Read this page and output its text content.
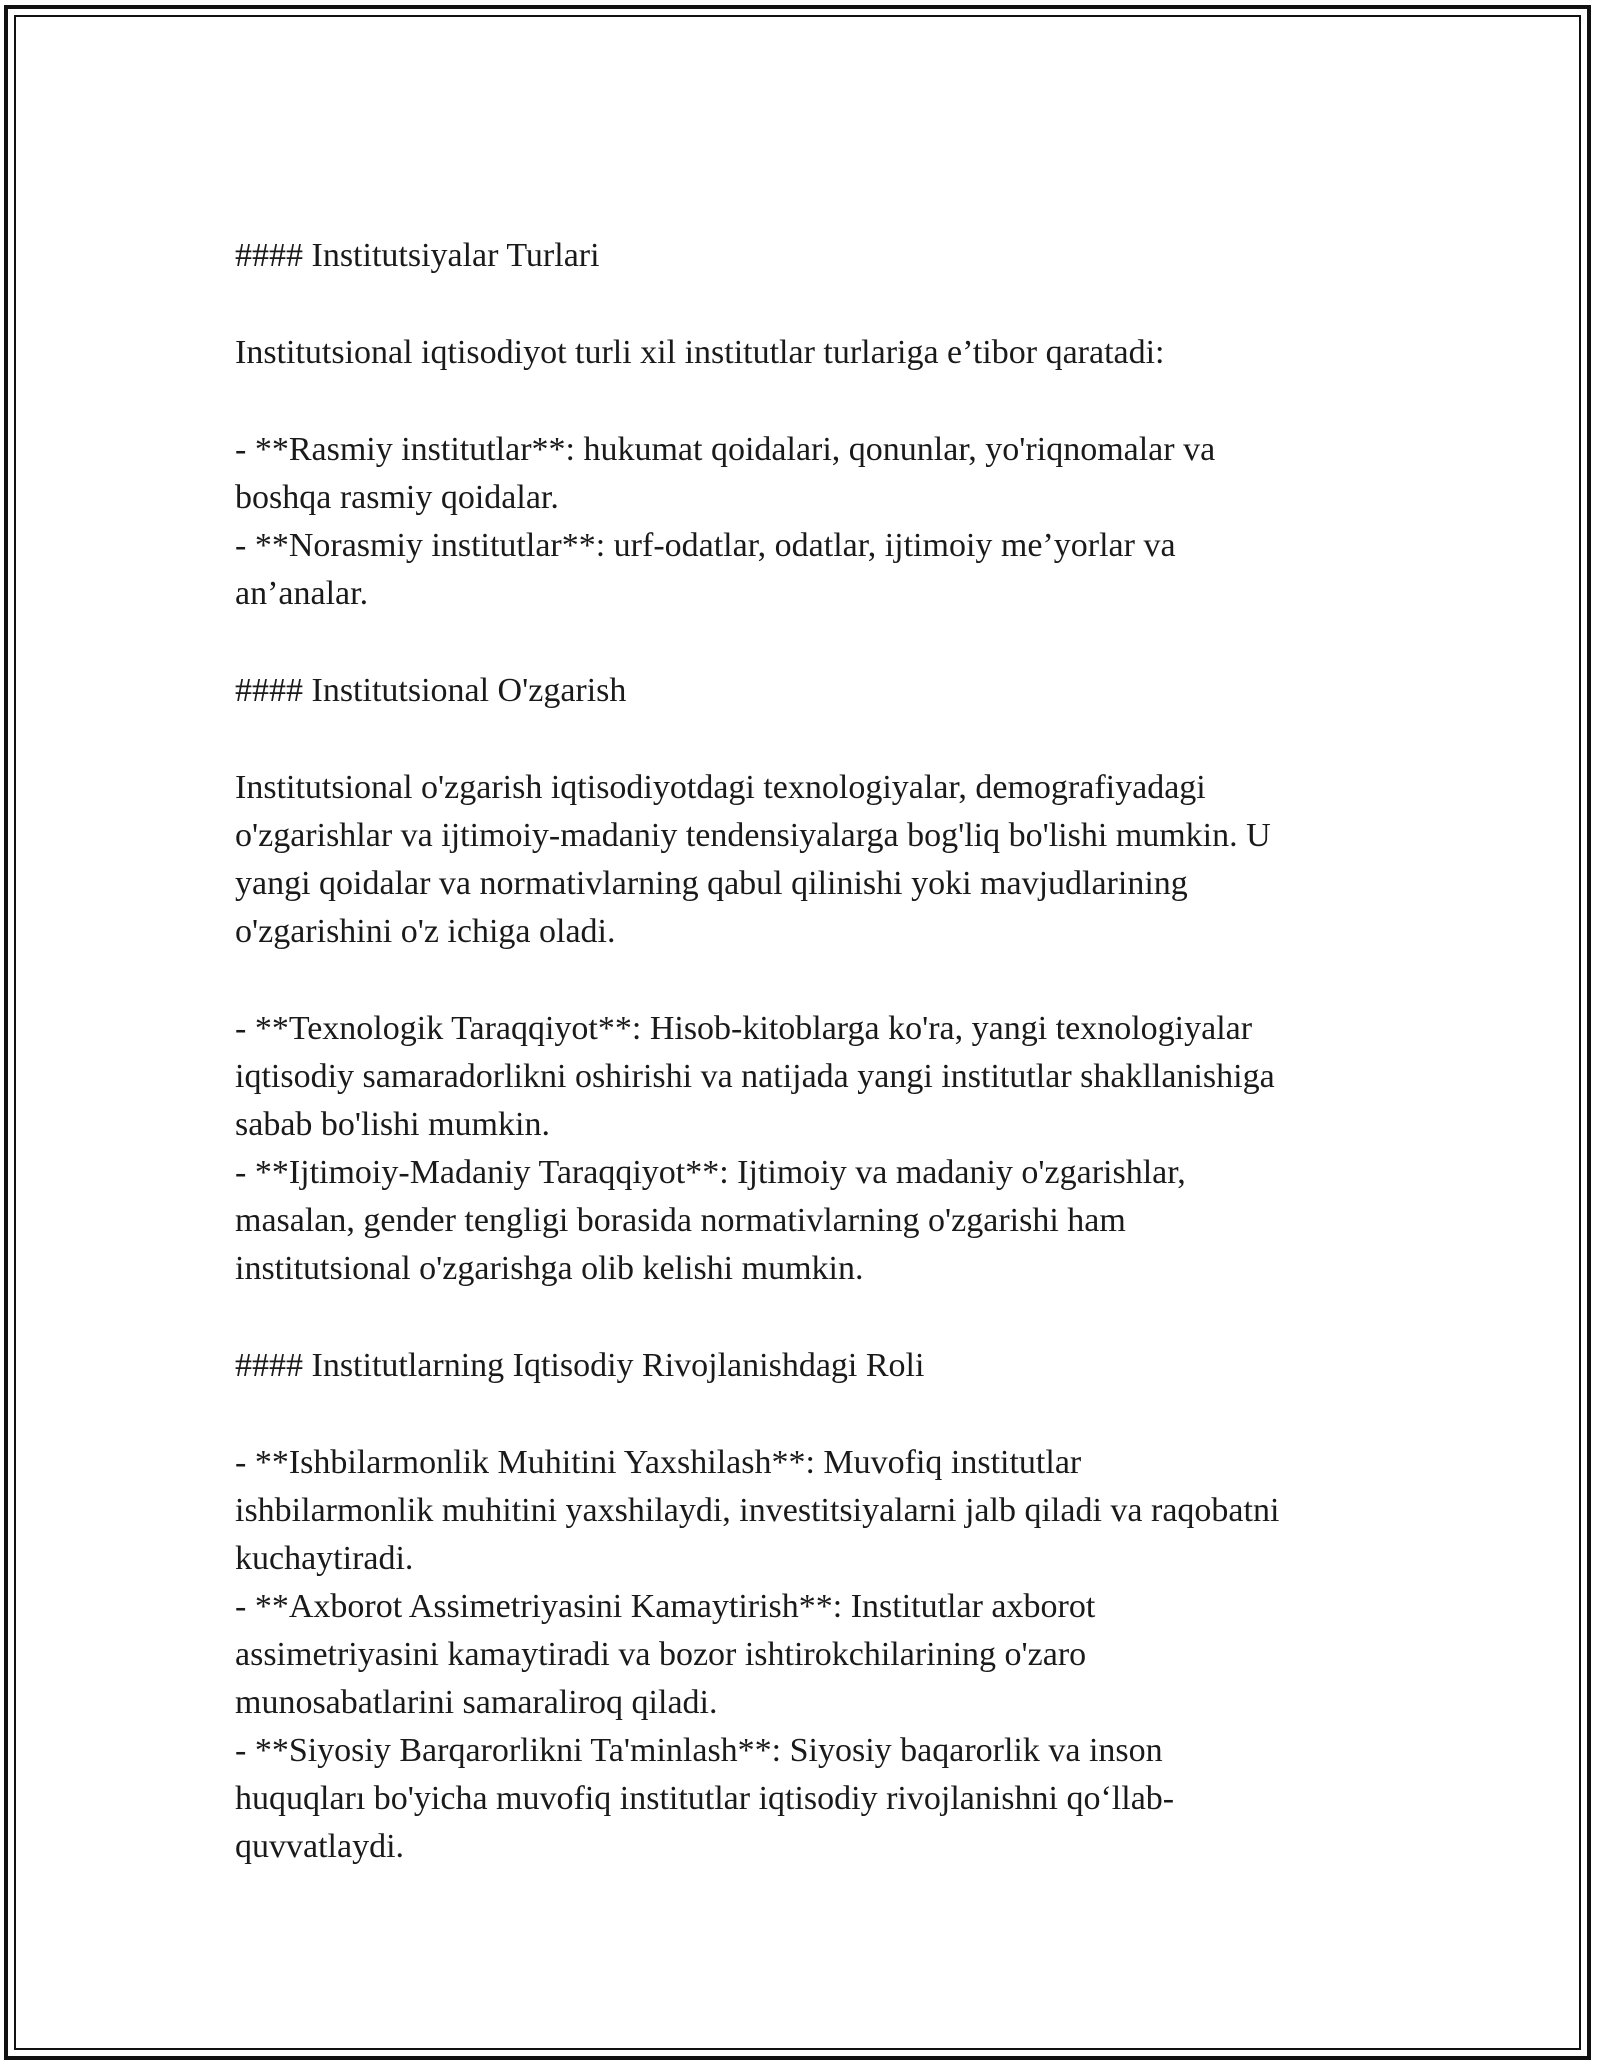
#### Institutsiyalar Turlari

Institutsional iqtisodiyot turli xil institutlar turlariga e’tibor qaratadi:

- **Rasmiy institutlar**: hukumat qoidalari, qonunlar, yo'riqnomalar va
boshqa rasmiy qoidalar.
- **Norasmiy institutlar**: urf-odatlar, odatlar, ijtimoiy me’yorlar va
an’analar.

#### Institutsional O'zgarish

Institutsional o'zgarish iqtisodiyotdagi texnologiyalar, demografiyadagi
o'zgarishlar va ijtimoiy-madaniy tendensiyalarga bog'liq bo'lishi mumkin. U
yangi qoidalar va normativlarning qabul qilinishi yoki mavjudlarining
o'zgarishini o'z ichiga oladi.

- **Texnologik Taraqqiyot**: Hisob-kitoblarga ko'ra, yangi texnologiyalar
iqtisodiy samaradorlikni oshirishi va natijada yangi institutlar shakllanishiga
sabab bo'lishi mumkin.
- **Ijtimoiy-Madaniy Taraqqiyot**: Ijtimoiy va madaniy o'zgarishlar,
masalan, gender tengligi borasida normativlarning o'zgarishi ham
institutsional o'zgarishga olib kelishi mumkin.

#### Institutlarning Iqtisodiy Rivojlanishdagi Roli

- **Ishbilarmonlik Muhitini Yaxshilash**: Muvofiq institutlar
ishbilarmonlik muhitini yaxshilaydi, investitsiyalarni jalb qiladi va raqobatni
kuchaytiradi.
- **Axborot Assimetriyasini Kamaytirish**: Institutlar axborot
assimetriyasini kamaytiradi va bozor ishtirokchilarining o'zaro
munosabatlarini samaraliroq qiladi.
- **Siyosiy Barqarorlikni Ta'minlash**: Siyosiy baqarorlik va inson
huquqları bo'yicha muvofiq institutlar iqtisodiy rivojlanishni qo‘llab-
quvvatlaydi.
